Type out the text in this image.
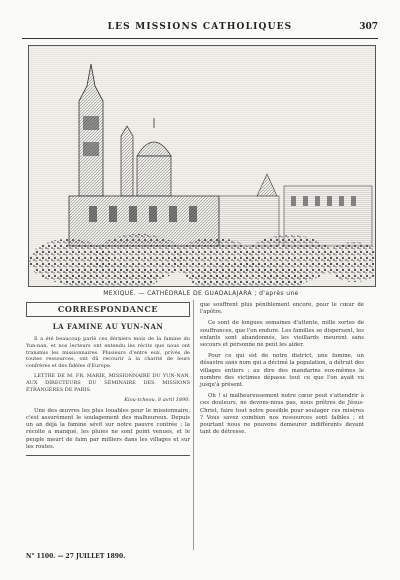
LES MISSIONS CATHOLIQUES	307
MEXIQUE. — CATHÉDRALE DE GUADALAJARA ; d'après une
CORRESPONDANCE
LA FAMINE AU YUN-NAN

Il a été beaucoup parlé ces derniers mois de la famine du Yun-nan, et nos lecteurs ont entendu les récits que nous ont transmis les missionnaires. Plusieurs d'entre eux, privés de toutes ressources, ont dû recourir à la charité de leurs confrères et des fidèles d'Europe.

LETTRE DE M. FR. MARIE, MISSIONNAIRE DU YUN-NAN, AUX DIRECTEURS DU SÉMINAIRE DES MISSIONS ÉTRANGÈRES DE PARIS.

Kiou-tcheou, 8 avril 1890.

Une des œuvres les plus louables pour le missionnaire, c'est assurément le soulagement des malheureux. Depuis un an déjà la famine sévit sur notre pauvre contrée ; la récolte a manqué, les pluies ne sont point venues, et le peuple meurt de faim par milliers dans les villages et sur les routes.

que souffrent plus péniblement encore, pour le cœur de l'apôtre.

Ce sont de longues semaines d'attente, mille sortes de souffrances, que l'on endure. Les familles se dispersent, les enfants sont abandonnés, les vieillards meurent sans secours et personne ne peut les aider.

Pour ce qui est de notre district, une famine, un désastre sans nom qui a décimé la population, a détruit des villages entiers ; au dire des mandarins eux-mêmes le nombre des victimes dépasse tout ce que l'on avait vu jusqu'à présent.

Oh ! si malheureusement notre cœur peut s'attendrir à ces douleurs, ne devons-nous pas, nous prêtres de Jésus-Christ, faire tout notre possible pour soulager ces misères ? Vous savez combien nos ressources sont faibles ; et pourtant nous ne pouvons demeurer indifférents devant tant de détresse.

N° 1100. — 27 JUILLET 1890.
